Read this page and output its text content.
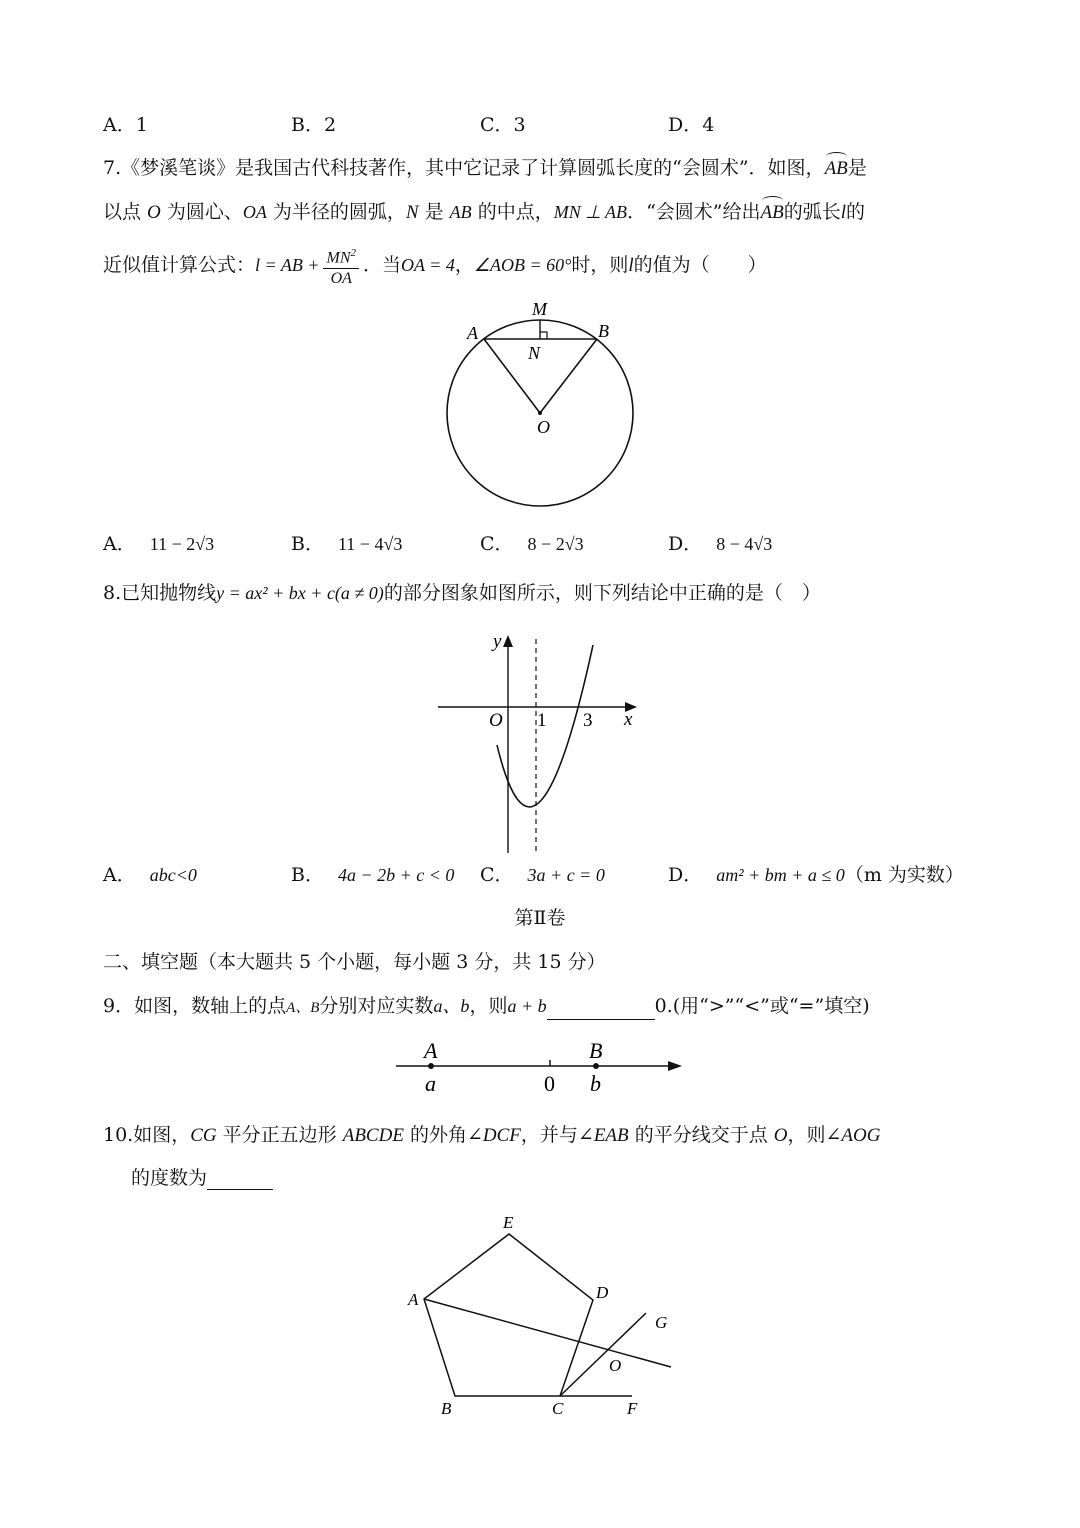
A．1	B．2	C．3	D．4
7.《梦溪笔谈》是我国古代科技著作，其中它记录了计算圆弧长度的“会圆术”．如图，AB是
以点 O 为圆心、OA 为半径的圆弧，N 是 AB 的中点，MN ⊥ AB．“会圆术”给出AB的弧长l的
近似值计算公式：l = AB + $\frac{MN^2}{OA}$ ．当OA = 4，∠AOB = 60°时，则l的值为（　　）
M
A	B
N
O
A． 11 − 2√3	B． 11 − 4√3	C． 8 − 2√3	D． 8 − 4√3
8.已知抛物线y = ax² + bx + c(a ≠ 0)的部分图象如图所示，则下列结论中正确的是（　）
y
x
O 1 3
A． abc<0	B． 4a − 2b + c < 0 C． 3a + c = 0	D． am² + bm + a ≤ 0（m 为实数）
第Ⅱ卷
二、填空题（本大题共 5 个小题，每小题 3 分，共 15 分）
9．如图，数轴上的点A、B分别对应实数a、b，则a + b	0.(用“>”“<”或“=”填空)
A	B
a	0 b
10.如图，CG 平分正五边形 ABCDE 的外角∠DCF，并与∠EAB 的平分线交于点 O，则∠AOG
的度数为
E
A	D
G
O
B	C	F
